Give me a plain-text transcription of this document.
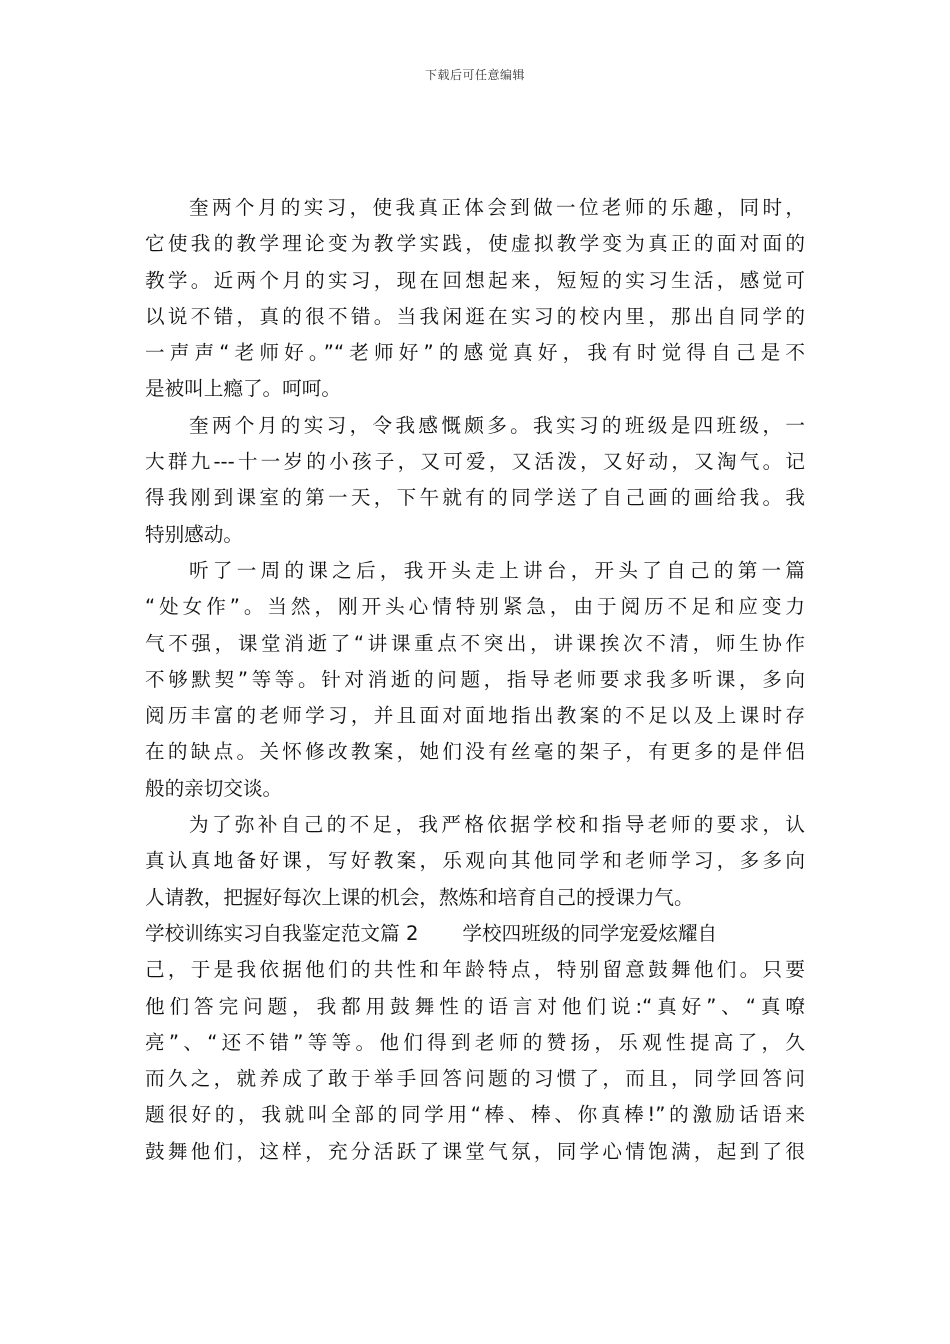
下载后可任意编辑
奎两个月的实习，使我真正体会到做一位老师的乐趣，同时，
它使我的教学理论变为教学实践，使虚拟教学变为真正的面对面的
教学。近两个月的实习，现在回想起来，短短的实习生活，感觉可
以说不错，真的很不错。当我闲逛在实习的校内里，那出自同学的
一声声“老师好。”“老师好”的感觉真好，我有时觉得自己是不
是被叫上瘾了。呵呵。
奎两个月的实习，令我感慨颇多。我实习的班级是四班级，一
大群九---十一岁的小孩子，又可爱，又活泼，又好动，又淘气。记
得我刚到课室的第一天，下午就有的同学送了自己画的画给我。我
特别感动。
听了一周的课之后，我开头走上讲台，开头了自己的第一篇
“处女作”。当然，刚开头心情特别紧急，由于阅历不足和应变力
气不强，课堂消逝了“讲课重点不突出，讲课挨次不清，师生协作
不够默契”等等。针对消逝的问题，指导老师要求我多听课，多向
阅历丰富的老师学习，并且面对面地指出教案的不足以及上课时存
在的缺点。关怀修改教案，她们没有丝毫的架子，有更多的是伴侣
般的亲切交谈。
为了弥补自己的不足，我严格依据学校和指导老师的要求，认
真认真地备好课，写好教案，乐观向其他同学和老师学习，多多向
人请教，把握好每次上课的机会，熬炼和培育自己的授课力气。
学校训练实习自我鉴定范文篇 2 学校四班级的同学宠爱炫耀自
己，于是我依据他们的共性和年龄特点，特别留意鼓舞他们。只要
他们答完问题，我都用鼓舞性的语言对他们说:“真好”、“真嘹
亮”、“还不错”等等。他们得到老师的赞扬，乐观性提高了，久
而久之，就养成了敢于举手回答问题的习惯了，而且，同学回答问
题很好的，我就叫全部的同学用“棒、棒、你真棒!”的激励话语来
鼓舞他们，这样，充分活跃了课堂气氛，同学心情饱满，起到了很
